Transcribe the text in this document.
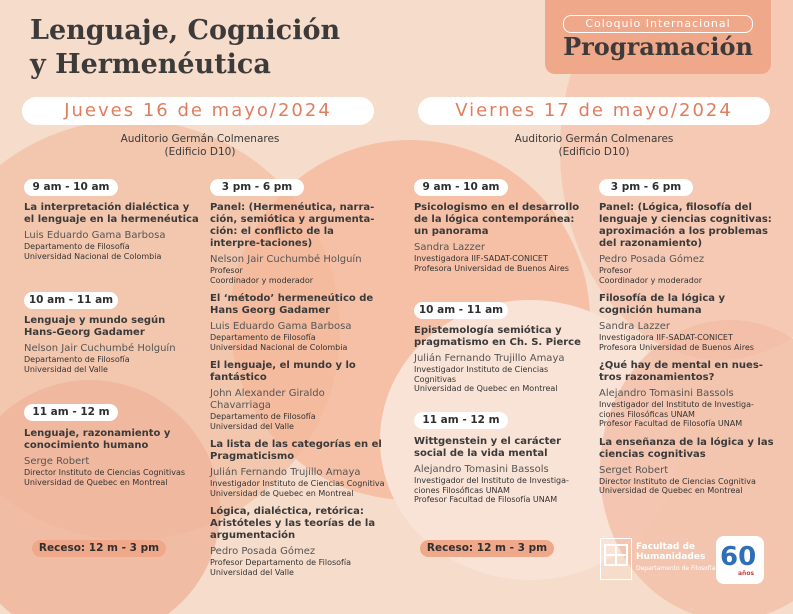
Lenguaje, Cognición
y Hermenéutica
Coloquio Internacional
Programación
Jueves 16 de mayo/2024
Auditorio Germán Colmenares
(Edificio D10)
9 am - 10 am

La interpretación dialéctica y el lenguaje en la hermenéutica

Luis Eduardo Gama Barbosa
Departamento de Filosofía
Universidad Nacional de Colombia
10 am - 11 am

Lenguaje y mundo según Hans-Georg Gadamer

Nelson Jair Cuchumbé Holguín
Departamento de Filosofía
Universidad del Valle
11 am - 12 m

Lenguaje, razonamiento y conocimiento humano

Serge Robert
Director Instituto de Ciencias Cognitivas
Universidad de Quebec en Montreal
3 pm - 6 pm

Panel: (Hermenéutica, narra-ción, semiótica y argumenta-ción: el conflicto de la interpre-taciones)

Nelson Jair Cuchumbé Holguín
Profesor
Coordinador y moderador

El ‘método’ hermeneútico de Hans Georg Gadamer

Luis Eduardo Gama Barbosa
Departamento de Filosofía
Universidad Nacional de Colombia

El lenguaje, el mundo y lo fantástico

John Alexander Giraldo Chavarriaga
Departamento de Filosofía
Universidad del Valle

La lista de las categorías en el Pragmaticismo

Julián Fernando Trujillo Amaya
Investigador Instituto de Ciencias Cognitiva
Universidad de Quebec en Montreal

Lógica, dialéctica, retórica: Aristóteles y las teorías de la argumentación

Pedro Posada Gómez
Profesor Departamento de Filosofía
Universidad del Valle
Receso: 12 m - 3 pm
Viernes 17 de mayo/2024
Auditorio Germán Colmenares
(Edificio D10)
9 am - 10 am

Psicologismo en el desarrollo de la lógica contemporánea: un panorama

Sandra Lazzer
Investigadora IIF-SADAT-CONICET
Profesora Universidad de Buenos Aires
10 am - 11 am

Epistemología semiótica y pragmatismo en Ch. S. Pierce

Julián Fernando Trujillo Amaya
Investigador Instituto de Ciencias Cognitivas
Universidad de Quebec en Montreal
11 am - 12 m

Wittgenstein y el carácter social de la vida mental

Alejandro Tomasini Bassols
Investigador del Instituto de Investiga-
ciones Filosóficas UNAM
Profesor Facultad de Filosofía UNAM
3 pm - 6 pm

Panel: (Lógica, filosofía del lenguaje y ciencias cognitivas: aproximación a los problemas del razonamiento)

Pedro Posada Gómez
Profesor
Coordinador y moderador

Filosofía de la lógica y cognición humana

Sandra Lazzer
Investigadora IIF-SADAT-CONICET
Profesora Universidad de Buenos Aires

¿Qué hay de mental en nues-tros razonamientos?

Alejandro Tomasini Bassols
Investigador del Instituto de Investiga-
ciones Filosóficas UNAM
Profesor Facultad de Filosofía UNAM

La enseñanza de la lógica y las ciencias cognitivas

Serget Robert
Director Instituto de Ciencias Cognitiva
Universidad de Quebec en Montreal
Receso: 12 m - 3 pm	Facultad de
Humanidades
Departamento de Filosofía 60
años
